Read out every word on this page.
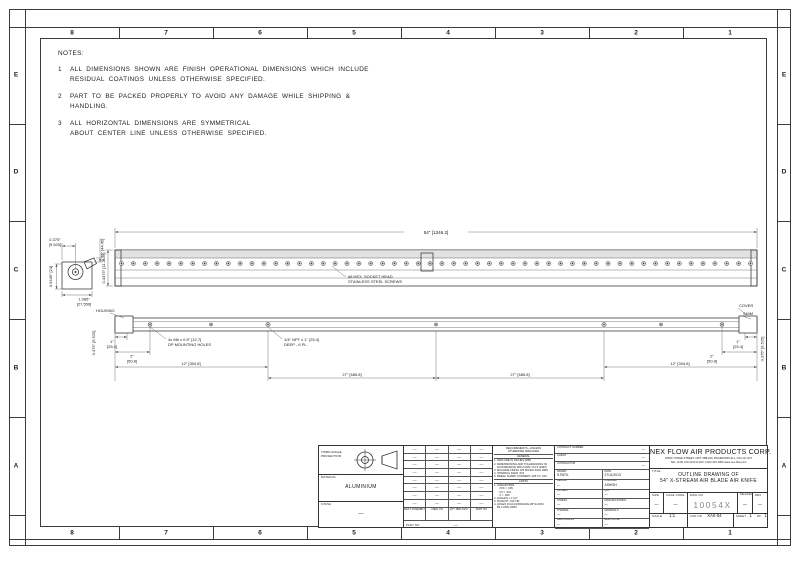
8
8
7
7
6
6
5
5
4
4
3
3
2
2
1
1
E	E
D	D
C	C
B	B
A	A
0.375"
[9.525]	1.75" [44.45]
0.9449" [24]
1.085"
[27.559]
54" [1346.2]
0.4375" [11.1125]	#8 HEX. SOCKET HEAD
STAINLESS STEEL SCREWS
HOUSING
COVER
SHIM
1"
[25.4]
4x M6 x 0.5" [12.7]
DP MOUNTING HOLES
2"
[50.8]
1/4" NPT x 1" [25.4]
DEEP - 6 PL.
12" [304.8]	12" [304.8]
27" [685.8]	27" [685.8]
2"
[50.8]
1"
[25.4]
0.375" [9.525]	0.375" [9.525]
NOTES:
1	ALL DIMENSIONS SHOWN ARE FINISH OPERATIONAL DIMENSIONS WHICH INCLUDE
RESIDUAL COATINGS UNLESS OTHERWISE SPECIFIED.
2	PART TO BE PACKED PROPERLY TO AVOID ANY DAMAGE WHILE SHIPPING & HANDLING.
3	ALL HORIZONTAL DIMENSIONS ARE SYMMETRICAL
ABOUT CENTER LINE UNLESS OTHERWISE SPECIFIED.
THIRD ANGLE
PROJECTION
MATERIAL
ALUMINIUM
FINISH
—
—	—	—	—
—	—	—	—
—	—	—	—
—	—	—	—
—	—	—	—
—	—	—	—
—	—	—	—
—	—	—	—
NEXT ASSEMBLY	USED ON	QTY PER ASSY	PART NO
PART NO	—
REQUIREMENTS—UNLESS
OTHERWISE SPECIFIED
GENERAL
1. DWG ARE IN INCHES (MM)
2. DIMENSIONING AND TOLERANCING IN
ACCORDANCE WITH ANSI Y14.5 (1994)
3. MACHINE FINISH 125 MICRO INCH RMS
4. INTERNAL RADII .015
5. BREAK SHARP CORNERS .005 TO .010
LIMITS
1. LINEAR DIMS.
.XXX = .005
.XX = .010
.X = .030
2. ANGLES = ± 1/2°
3. RUNOUT .010 TIR
4. HOLES IN ACCORDANCE WITH ANSI
B4.2 AND 10087
CONTRACT NUMBER	—
CLIENT	—
CONTRACTOR	—
DRAWN
S.PATIL
DATE
27/11/2013
DESIGN
—
CHECKED
ASHISH
PROJECT
—
Q.A.
—
STRESS
—
MANUFACTURING
—
THERMAL
—
MATERIALS
—
MECHANISMS
—
ELECTRICAL
—
NEX FLOW AIR PRODUCTS CORP.
10520 YONGE STREET, UNIT 35B-220, RICHMOND HILL, ON L4C 3C7
TEL: (416) 410-1313 & FAX: (416) 410-1806 www.nex-flow.com
TITLE
OUTLINE DRAWING OF
54" X-STREAM AIR BLADE AIR KNIFE
SIZE
—
CAGE CODE
—
DWG NO
10054X
RELEASE
—
REV
—
SCALE 1:1	CAD NO XAK-54	SHEET 1 OF 1
